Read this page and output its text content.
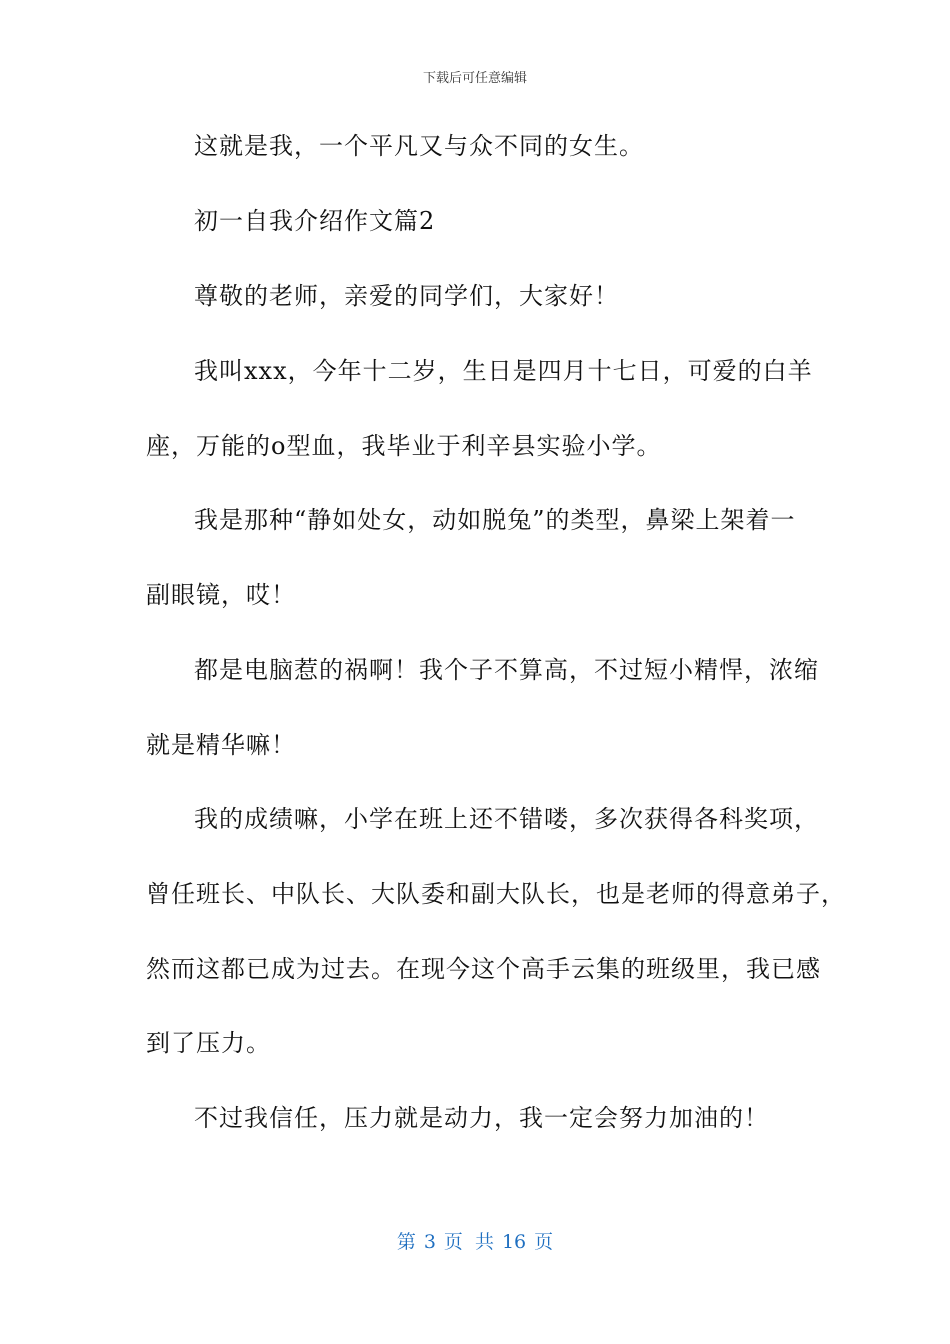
下载后可任意编辑
这就是我，一个平凡又与众不同的女生。
初一自我介绍作文篇2
尊敬的老师，亲爱的同学们，大家好！
我叫xxx，今年十二岁，生日是四月十七日，可爱的白羊
座，万能的o型血，我毕业于利辛县实验小学。
我是那种“静如处女，动如脱兔”的类型，鼻梁上架着一
副眼镜，哎！
都是电脑惹的祸啊！我个子不算高，不过短小精悍，浓缩
就是精华嘛！
我的成绩嘛，小学在班上还不错喽，多次获得各科奖项，
曾任班长、中队长、大队委和副大队长，也是老师的得意弟子，
然而这都已成为过去。在现今这个高手云集的班级里，我已感
到了压力。
不过我信任，压力就是动力，我一定会努力加油的！
第 3 页 共 16 页
